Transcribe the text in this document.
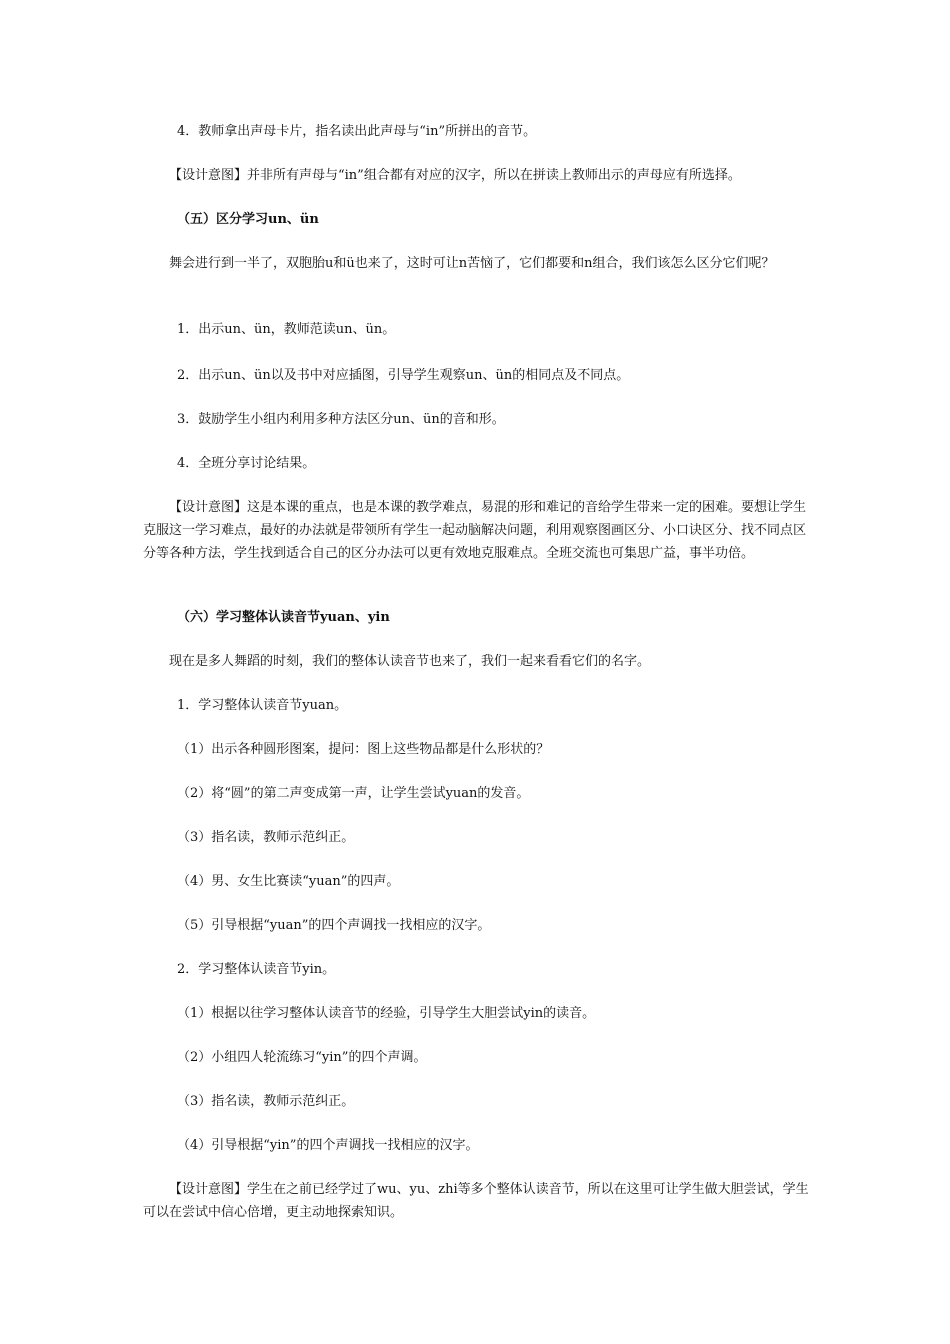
4．教师拿出声母卡片，指名读出此声母与“in”所拼出的音节。

【设计意图】并非所有声母与“in”组合都有对应的汉字，所以在拼读上教师出示的声母应有所选择。

（五）区分学习un、ün

舞会进行到一半了，双胞胎u和ü也来了，这时可让n苦恼了，它们都要和n组合，我们该怎么区分它们呢？

1．出示un、ün，教师范读un、ün。

2．出示un、ün以及书中对应插图，引导学生观察un、ün的相同点及不同点。

3．鼓励学生小组内利用多种方法区分un、ün的音和形。

4．全班分享讨论结果。

【设计意图】这是本课的重点，也是本课的教学难点，易混的形和难记的音给学生带来一定的困难。要想让学生克服这一学习难点，最好的办法就是带领所有学生一起动脑解决问题，利用观察图画区分、小口诀区分、找不同点区分等各种方法，学生找到适合自己的区分办法可以更有效地克服难点。全班交流也可集思广益，事半功倍。

（六）学习整体认读音节yuan、yin

现在是多人舞蹈的时刻，我们的整体认读音节也来了，我们一起来看看它们的名字。

1．学习整体认读音节yuan。

（1）出示各种圆形图案，提问：图上这些物品都是什么形状的？

（2）将“圆”的第二声变成第一声，让学生尝试yuan的发音。

（3）指名读，教师示范纠正。

（4）男、女生比赛读“yuan”的四声。

（5）引导根据“yuan”的四个声调找一找相应的汉字。

2．学习整体认读音节yin。

（1）根据以往学习整体认读音节的经验，引导学生大胆尝试yin的读音。

（2）小组四人轮流练习“yin”的四个声调。

（3）指名读，教师示范纠正。

（4）引导根据“yin”的四个声调找一找相应的汉字。

【设计意图】学生在之前已经学过了wu、yu、zhi等多个整体认读音节，所以在这里可让学生做大胆尝试，学生可以在尝试中信心倍增，更主动地探索知识。
